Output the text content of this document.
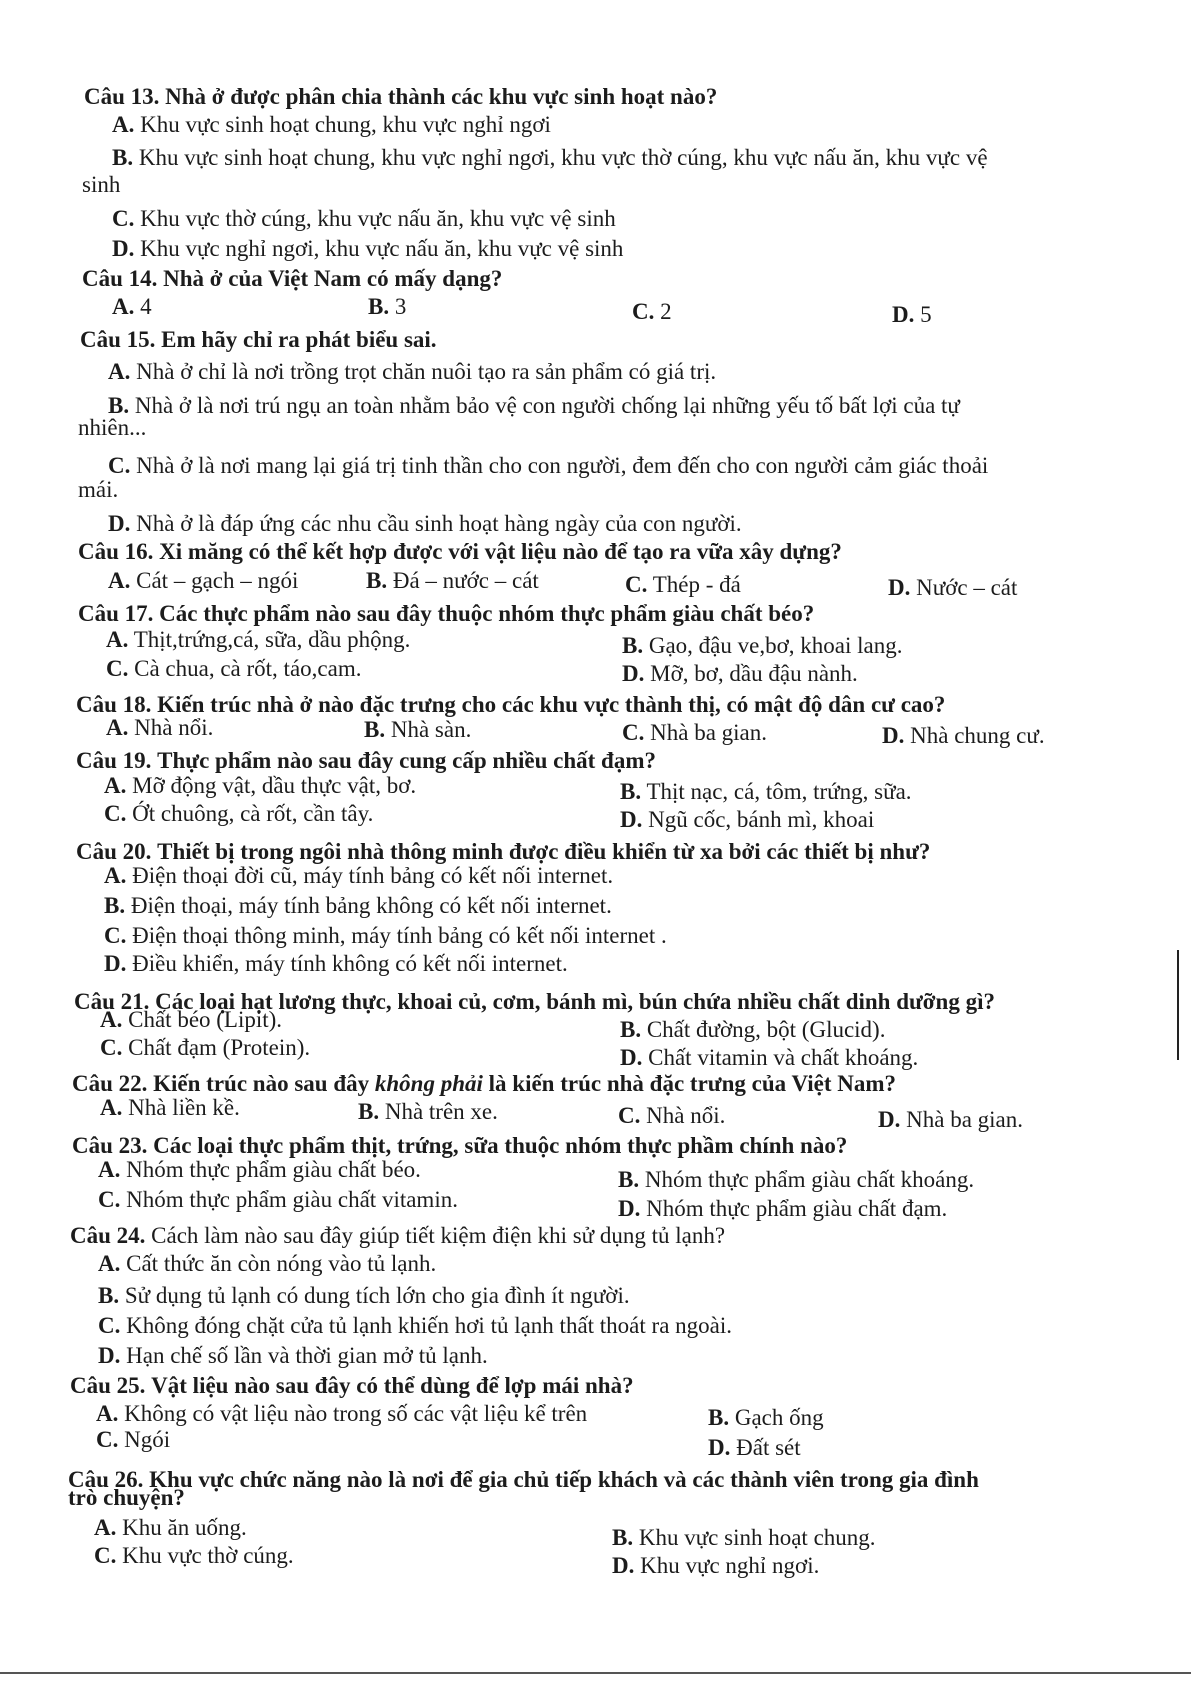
Câu 13. Nhà ở được phân chia thành các khu vực sinh hoạt nào?
A. Khu vực sinh hoạt chung, khu vực nghỉ ngơi
B. Khu vực sinh hoạt chung, khu vực nghỉ ngơi, khu vực thờ cúng, khu vực nấu ăn, khu vực vệ
sinh
C. Khu vực thờ cúng, khu vực nấu ăn, khu vực vệ sinh
D. Khu vực nghỉ ngơi, khu vực nấu ăn, khu vực vệ sinh
Câu 14. Nhà ở của Việt Nam có mấy dạng?
A. 4	B. 3	C. 2	D. 5
Câu 15. Em hãy chỉ ra phát biểu sai.
A. Nhà ở chỉ là nơi trồng trọt chăn nuôi tạo ra sản phẩm có giá trị.
B. Nhà ở là nơi trú ngụ an toàn nhằm bảo vệ con người chống lại những yếu tố bất lợi của tự
nhiên...
C. Nhà ở là nơi mang lại giá trị tinh thần cho con người, đem đến cho con người cảm giác thoải
mái.
D. Nhà ở là đáp ứng các nhu cầu sinh hoạt hàng ngày của con người.
Câu 16. Xi măng có thể kết hợp được với vật liệu nào để tạo ra vữa xây dựng?
A. Cát – gạch – ngói	B. Đá – nước – cát	C. Thép - đá	D. Nước – cát
Câu 17. Các thực phẩm nào sau đây thuộc nhóm thực phẩm giàu chất béo?
A. Thịt,trứng,cá, sữa, dầu phộng.	B. Gạo, đậu ve,bơ, khoai lang.
C. Cà chua, cà rốt, táo,cam.	D. Mỡ, bơ, dầu đậu nành.
Câu 18. Kiến trúc nhà ở nào đặc trưng cho các khu vực thành thị, có mật độ dân cư cao?
A. Nhà nổi.	B. Nhà sàn.	C. Nhà ba gian.	D. Nhà chung cư.
Câu 19. Thực phẩm nào sau đây cung cấp nhiều chất đạm?
A. Mỡ động vật, dầu thực vật, bơ.	B. Thịt nạc, cá, tôm, trứng, sữa.
C. Ớt chuông, cà rốt, cần tây.	D. Ngũ cốc, bánh mì, khoai
Câu 20. Thiết bị trong ngôi nhà thông minh được điều khiển từ xa bởi các thiết bị như?
A. Điện thoại đời cũ, máy tính bảng có kết nối internet.
B. Điện thoại, máy tính bảng không có kết nối internet.
C. Điện thoại thông minh, máy tính bảng có kết nối internet .
D. Điều khiển, máy tính không có kết nối internet.
Câu 21. Các loại hạt lương thực, khoai củ, cơm, bánh mì, bún chứa nhiều chất dinh dưỡng gì?
A. Chất béo (Lipit).	B. Chất đường, bột (Glucid).
C. Chất đạm (Protein).	D. Chất vitamin và chất khoáng.
Câu 22. Kiến trúc nào sau đây không phải là kiến trúc nhà đặc trưng của Việt Nam?
A. Nhà liền kề.	B. Nhà trên xe.	C. Nhà nổi.	D. Nhà ba gian.
Câu 23. Các loại thực phẩm thịt, trứng, sữa thuộc nhóm thực phầm chính nào?
A. Nhóm thực phẩm giàu chất béo.	B. Nhóm thực phẩm giàu chất khoáng.
C. Nhóm thực phẩm giàu chất vitamin.	D. Nhóm thực phẩm giàu chất đạm.
Câu 24. Cách làm nào sau đây giúp tiết kiệm điện khi sử dụng tủ lạnh?
A. Cất thức ăn còn nóng vào tủ lạnh.
B. Sử dụng tủ lạnh có dung tích lớn cho gia đình ít người.
C. Không đóng chặt cửa tủ lạnh khiến hơi tủ lạnh thất thoát ra ngoài.
D. Hạn chế số lần và thời gian mở tủ lạnh.
Câu 25. Vật liệu nào sau đây có thể dùng để lợp mái nhà?
A. Không có vật liệu nào trong số các vật liệu kể trên	B. Gạch ống
C. Ngói	D. Đất sét
Câu 26. Khu vực chức năng nào là nơi để gia chủ tiếp khách và các thành viên trong gia đình
trò chuyện?
A. Khu ăn uống.	B. Khu vực sinh hoạt chung.
C. Khu vực thờ cúng.	D. Khu vực nghỉ ngơi.
